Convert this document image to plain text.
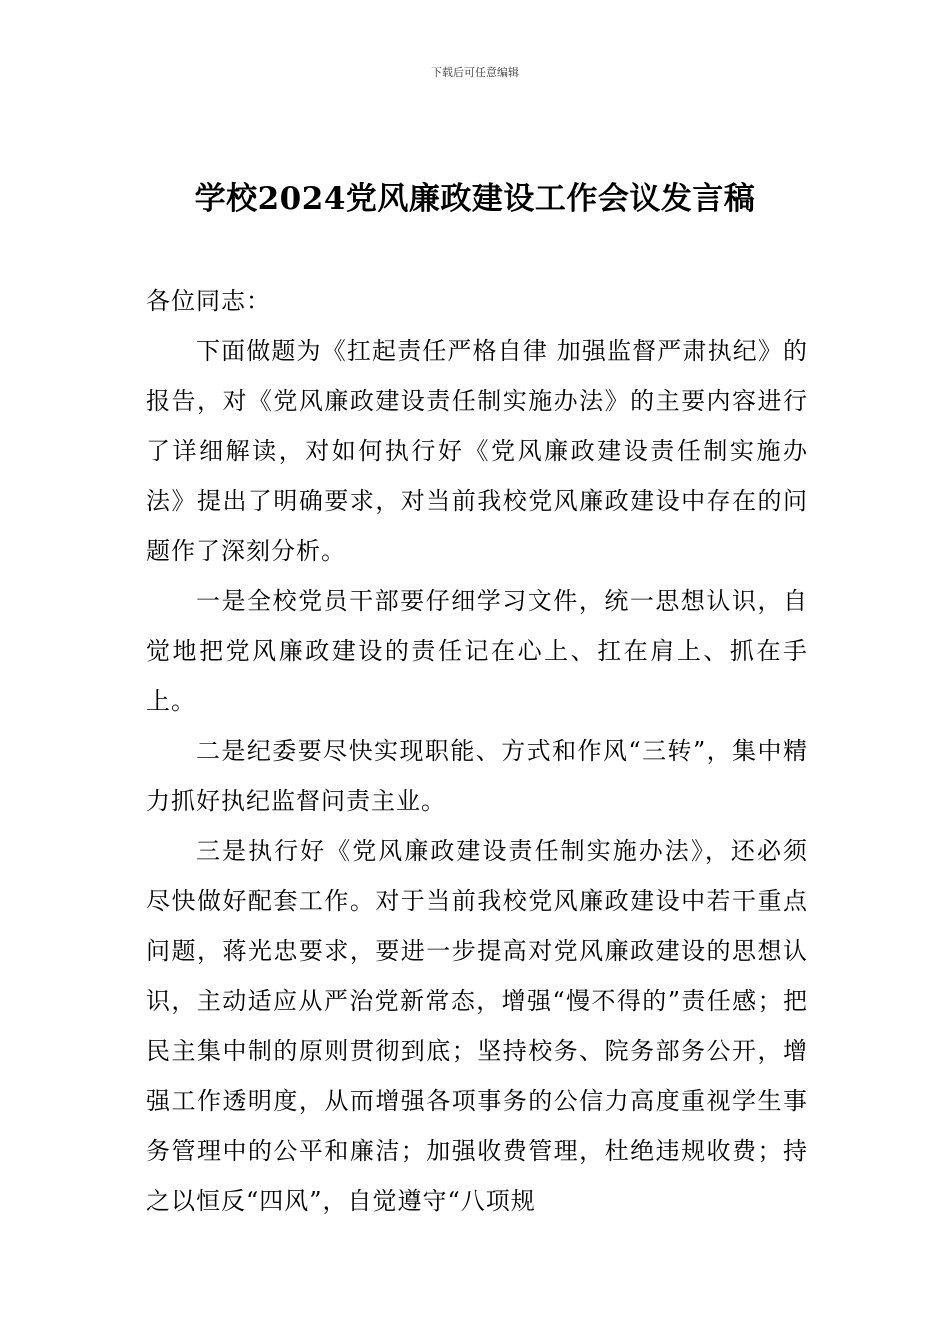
下载后可任意编辑
学校2024党风廉政建设工作会议发言稿

各位同志：

下面做题为《扛起责任严格自律 加强监督严肃执纪》的报告，对《党风廉政建设责任制实施办法》的主要内容进行了详细解读，对如何执行好《党风廉政建设责任制实施办法》提出了明确要求，对当前我校党风廉政建设中存在的问题作了深刻分析。

一是全校党员干部要仔细学习文件，统一思想认识，自觉地把党风廉政建设的责任记在心上、扛在肩上、抓在手上。

二是纪委要尽快实现职能、方式和作风“三转”，集中精力抓好执纪监督问责主业。

三是执行好《党风廉政建设责任制实施办法》，还必须尽快做好配套工作。对于当前我校党风廉政建设中若干重点问题，蒋光忠要求，要进一步提高对党风廉政建设的思想认识，主动适应从严治党新常态，增强“慢不得的”责任感；把民主集中制的原则贯彻到底；坚持校务、院务部务公开，增强工作透明度，从而增强各项事务的公信力高度重视学生事务管理中的公平和廉洁；加强收费管理，杜绝违规收费；持之以恒反“四风”，自觉遵守“八项规
